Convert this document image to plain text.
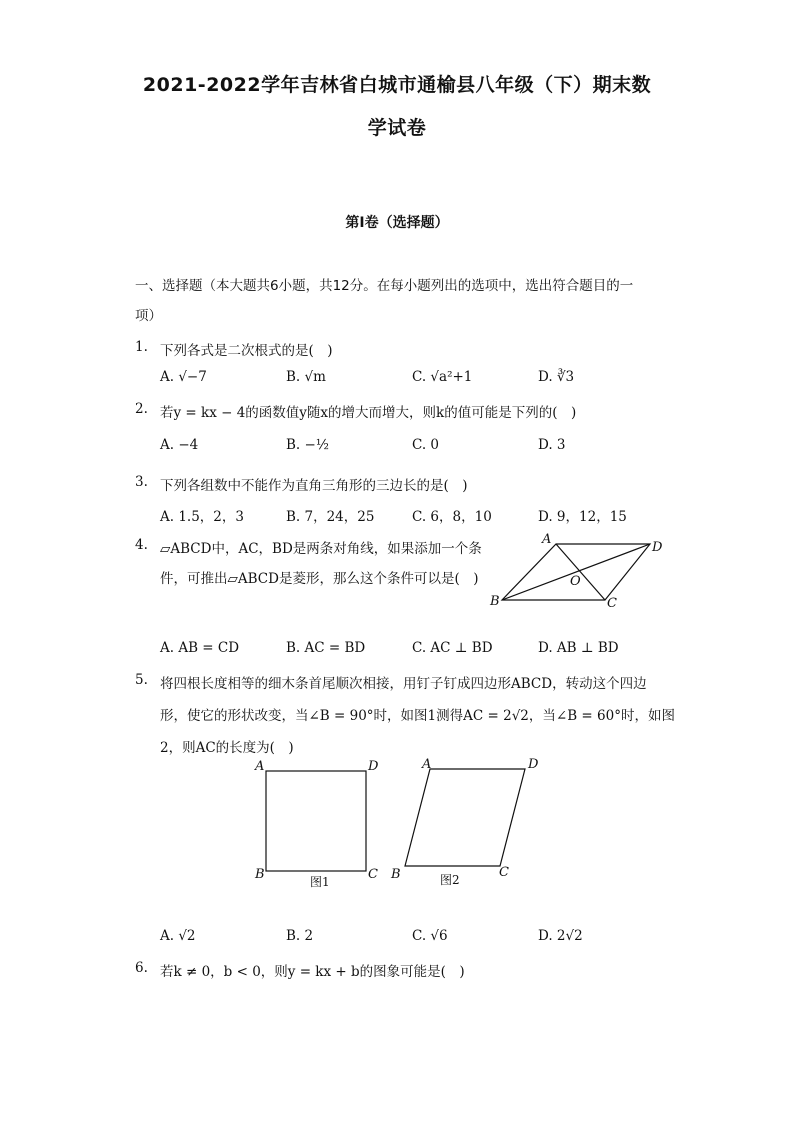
2021-2022学年吉林省白城市通榆县八年级（下）期末数
学试卷
第I卷（选择题）
一、选择题（本大题共6小题，共12分。在每小题列出的选项中，选出符合题目的一
项）
1. 下列各式是二次根式的是(　)
A. √−7	B. √m	C. √a²+1	D. ∛3
2. 若y = kx − 4的函数值y随x的增大而增大，则k的值可能是下列的(　)
A. −4	B. −½	C. 0	D. 3
3. 下列各组数中不能作为直角三角形的三边长的是(　)
A. 1.5，2，3	B. 7，24，25	C. 6，8，10	D. 9，12，15
4. ▱ABCD中，AC，BD是两条对角线，如果添加一个条
件，可推出▱ABCD是菱形，那么这个条件可以是(　)
A
D
O
B	C
A. AB = CD	B. AC = BD	C. AC ⊥ BD	D. AB ⊥ BD
5. 将四根长度相等的细木条首尾顺次相接，用钉子钉成四边形ABCD，转动这个四边
形，使它的形状改变，当∠B = 90°时，如图1测得AC = 2√2，当∠B = 60°时，如图
2，则AC的长度为(　)
A	D
B	C
A	D
B	C
图1	图2
A. √2	B. 2	C. √6	D. 2√2
6. 若k ≠ 0，b < 0，则y = kx + b的图象可能是(　)
